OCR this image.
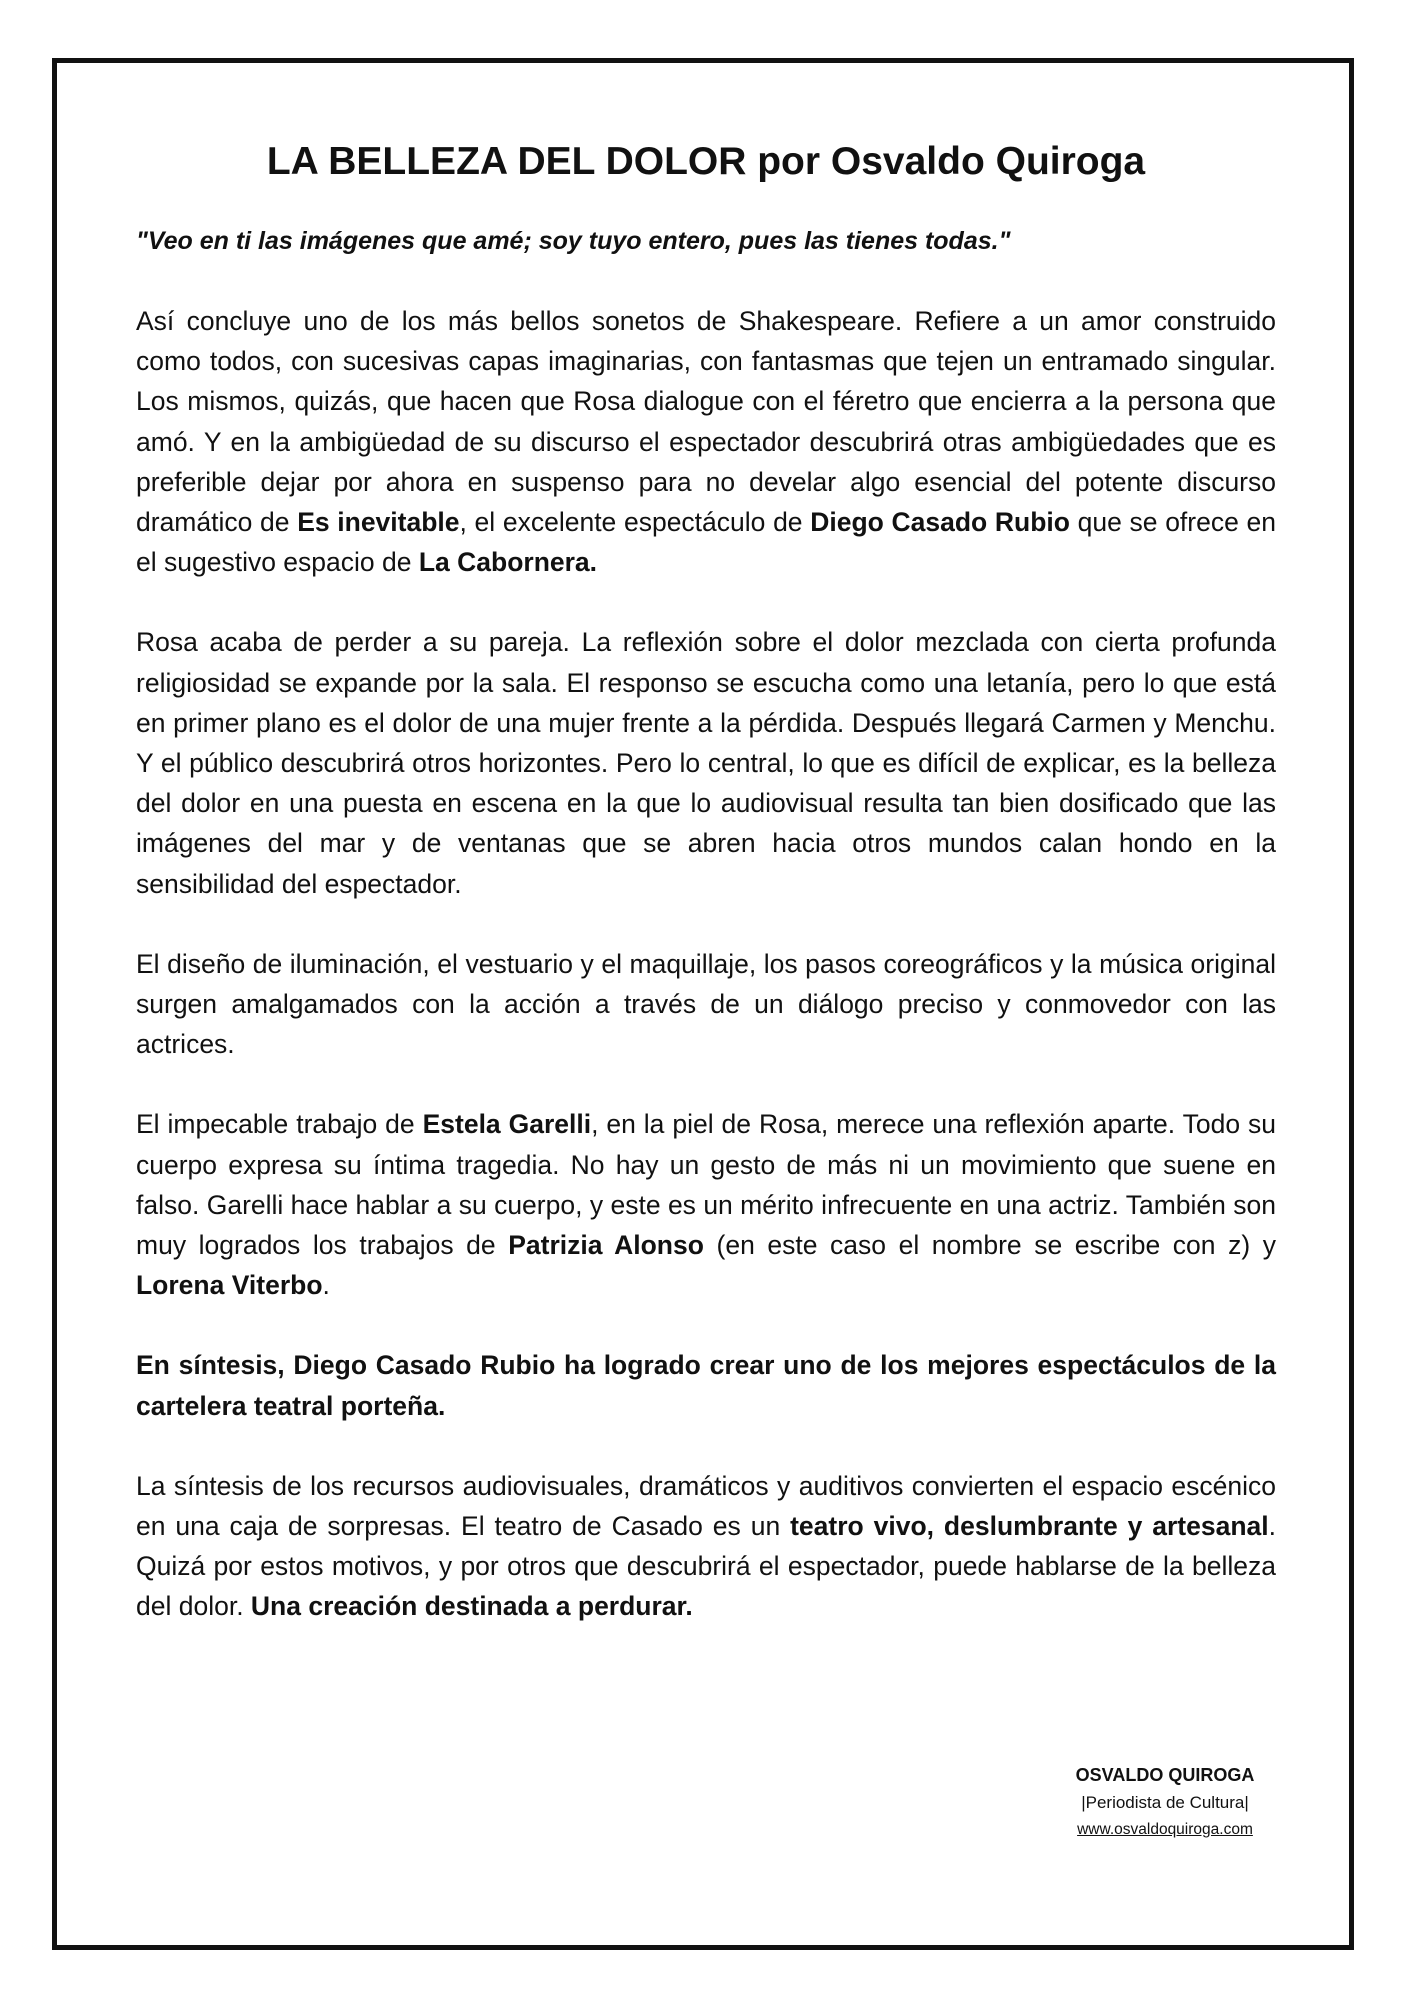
LA BELLEZA DEL DOLOR por Osvaldo Quiroga

"Veo en ti las imágenes que amé; soy tuyo entero, pues las tienes todas."

Así concluye uno de los más bellos sonetos de Shakespeare. Refiere a un amor construido como todos, con sucesivas capas imaginarias, con fantasmas que tejen un entramado singular. Los mismos, quizás, que hacen que Rosa dialogue con el féretro que encierra a la persona que amó. Y en la ambigüedad de su discurso el espectador descubrirá otras ambigüedades que es preferible dejar por ahora en suspenso para no develar algo esencial del potente discurso dramático de Es inevitable, el excelente espectáculo de Diego Casado Rubio que se ofrece en el sugestivo espacio de La Cabornera.

Rosa acaba de perder a su pareja. La reflexión sobre el dolor mezclada con cierta profunda religiosidad se expande por la sala. El responso se escucha como una letanía, pero lo que está en primer plano es el dolor de una mujer frente a la pérdida. Después llegará Carmen y Menchu. Y el público descubrirá otros horizontes. Pero lo central, lo que es difícil de explicar, es la belleza del dolor en una puesta en escena en la que lo audiovisual resulta tan bien dosificado que las imágenes del mar y de ventanas que se abren hacia otros mundos calan hondo en la sensibilidad del espectador.

El diseño de iluminación, el vestuario y el maquillaje, los pasos coreográficos y la música original surgen amalgamados con la acción a través de un diálogo preciso y conmovedor con las actrices.

El impecable trabajo de Estela Garelli, en la piel de Rosa, merece una reflexión aparte. Todo su cuerpo expresa su íntima tragedia. No hay un gesto de más ni un movimiento que suene en falso. Garelli hace hablar a su cuerpo, y este es un mérito infrecuente en una actriz. También son muy logrados los trabajos de Patrizia Alonso (en este caso el nombre se escribe con z) y Lorena Viterbo.

En síntesis, Diego Casado Rubio ha logrado crear uno de los mejores espectáculos de la cartelera teatral porteña.

La síntesis de los recursos audiovisuales, dramáticos y auditivos convierten el espacio escénico en una caja de sorpresas. El teatro de Casado es un teatro vivo, deslumbrante y artesanal. Quizá por estos motivos, y por otros que descubrirá el espectador, puede hablarse de la belleza del dolor. Una creación destinada a perdurar.

OSVALDO QUIROGA
|Periodista de Cultura|
www.osvaldoquiroga.com
